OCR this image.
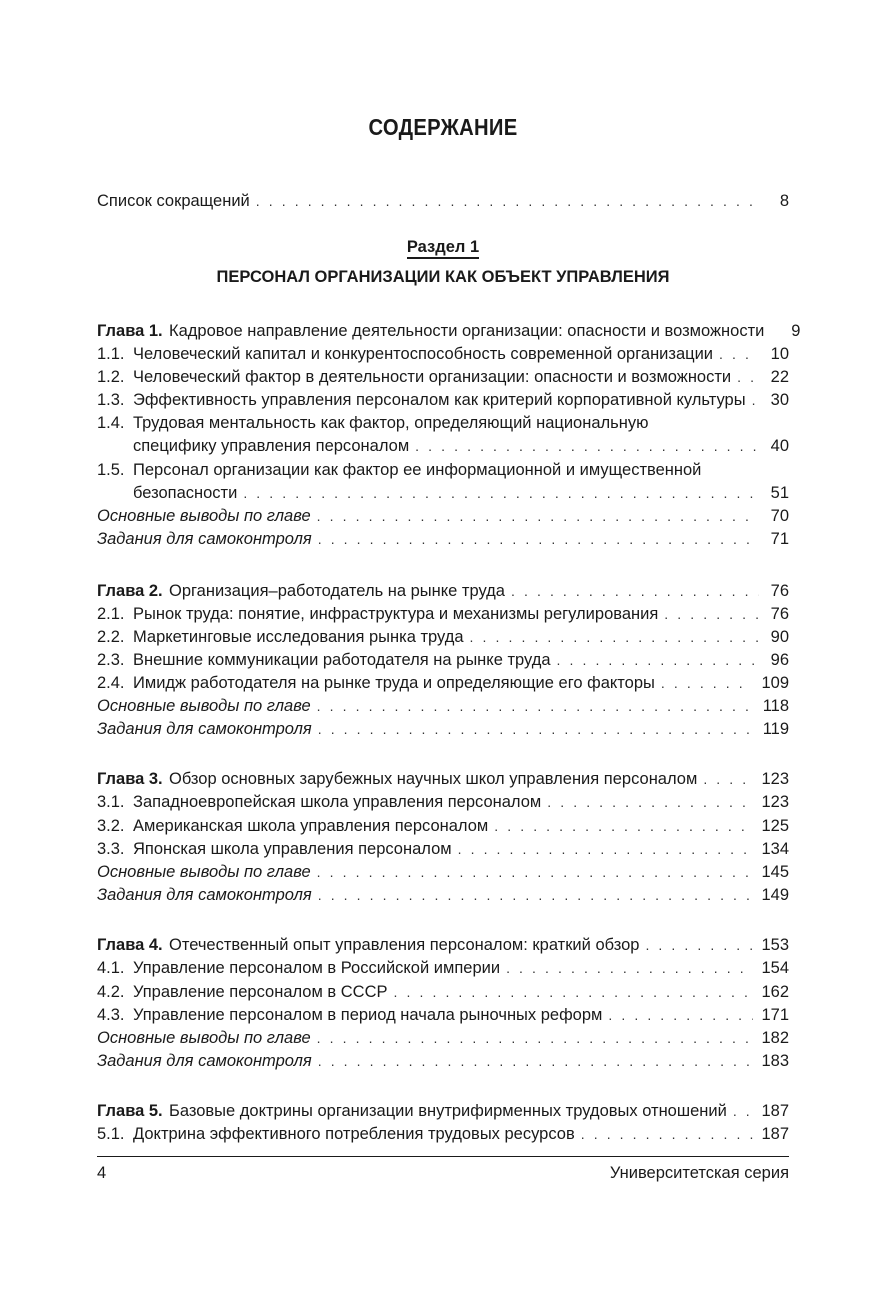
СОДЕРЖАНИЕ
Список сокращений . . .	8
Раздел 1
ПЕРСОНАЛ ОРГАНИЗАЦИИ КАК ОБЪЕКТ УПРАВЛЕНИЯ
Глава 1. Кадровое направление деятельности организации: опасности и возможности	9
1.1. Человеческий капитал и конкурентоспособность современной организации . . .	10
1.2. Человеческий фактор в деятельности организации: опасности и возможности . . .	22
1.3. Эффективность управления персоналом как критерий корпоративной культуры . . .	30
1.4. Трудовая ментальность как фактор, определяющий национальную
специфику управления персоналом . . .	40
1.5. Персонал организации как фактор ее информационной и имущественной
безопасности . . .	51
Основные выводы по главе . . .	70
Задания для самоконтроля . . .	71
Глава 2. Организация–работодатель на рынке труда . . .	76
2.1. Рынок труда: понятие, инфраструктура и механизмы регулирования . . .	76
2.2. Маркетинговые исследования рынка труда . . .	90
2.3. Внешние коммуникации работодателя на рынке труда . . .	96
2.4. Имидж работодателя на рынке труда и определяющие его факторы . . .	109
Основные выводы по главе . . .	118
Задания для самоконтроля . . .	119
Глава 3. Обзор основных зарубежных научных школ управления персоналом . . .	123
3.1. Западноевропейская школа управления персоналом . . .	123
3.2. Американская школа управления персоналом . . .	125
3.3. Японская школа управления персоналом . . .	134
Основные выводы по главе . . .	145
Задания для самоконтроля . . .	149
Глава 4. Отечественный опыт управления персоналом: краткий обзор . . .	153
4.1. Управление персоналом в Российской империи . . .	154
4.2. Управление персоналом в СССР . . .	162
4.3. Управление персоналом в период начала рыночных реформ . . .	171
Основные выводы по главе . . .	182
Задания для самоконтроля . . .	183
Глава 5. Базовые доктрины организации внутрифирменных трудовых отношений . . .	187
5.1. Доктрина эффективного потребления трудовых ресурсов . . .	187
4	Университетская серия
